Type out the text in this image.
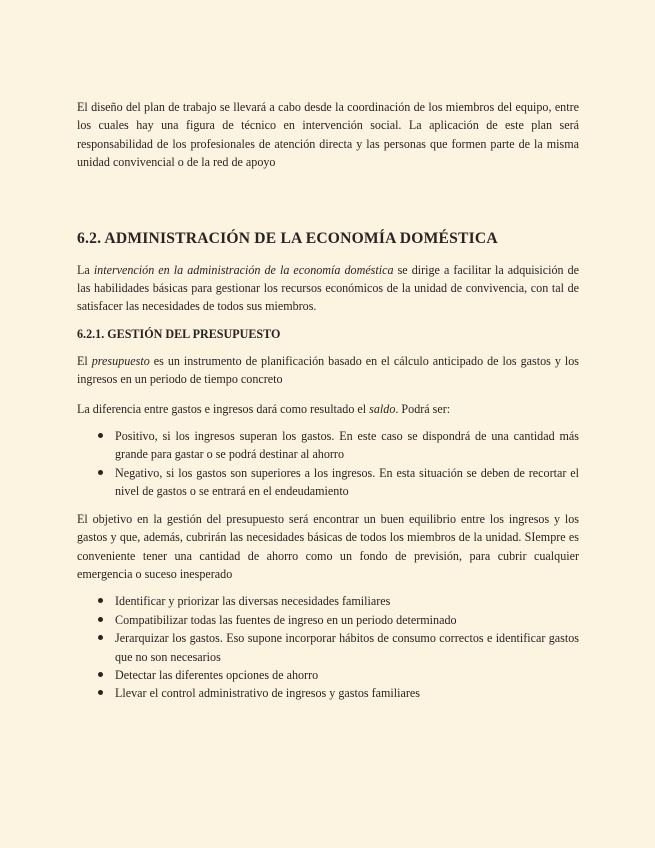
El diseño del plan de trabajo se llevará a cabo desde la coordinación de los miembros del equipo, entre los cuales hay una figura de técnico en intervención social. La aplicación de este plan será responsabilidad de los profesionales de atención directa y las personas que formen parte de la misma unidad convivencial o de la red de apoyo

6.2. ADMINISTRACIÓN DE LA ECONOMÍA DOMÉSTICA

La intervención en la administración de la economía doméstica se dirige a facilitar la adquisición de las habilidades básicas para gestionar los recursos económicos de la unidad de convivencia, con tal de satisfacer las necesidades de todos sus miembros.

6.2.1. GESTIÓN DEL PRESUPUESTO

El presupuesto es un instrumento de planificación basado en el cálculo anticipado de los gastos y los ingresos en un periodo de tiempo concreto

La diferencia entre gastos e ingresos dará como resultado el saldo. Podrá ser:

Positivo, si los ingresos superan los gastos. En este caso se dispondrá de una cantidad más grande para gastar o se podrá destinar al ahorro
Negativo, si los gastos son superiores a los ingresos. En esta situación se deben de recortar el nivel de gastos o se entrará en el endeudamiento

El objetivo en la gestión del presupuesto será encontrar un buen equilibrio entre los ingresos y los gastos y que, además, cubrirán las necesidades básicas de todos los miembros de la unidad. SIempre es conveniente tener una cantidad de ahorro como un fondo de previsión, para cubrir cualquier emergencia o suceso inesperado

Identificar y priorizar las diversas necesidades familiares
Compatibilizar todas las fuentes de ingreso en un periodo determinado
Jerarquizar los gastos. Eso supone incorporar hábitos de consumo correctos e identificar gastos que no son necesarios
Detectar las diferentes opciones de ahorro
Llevar el control administrativo de ingresos y gastos familiares
